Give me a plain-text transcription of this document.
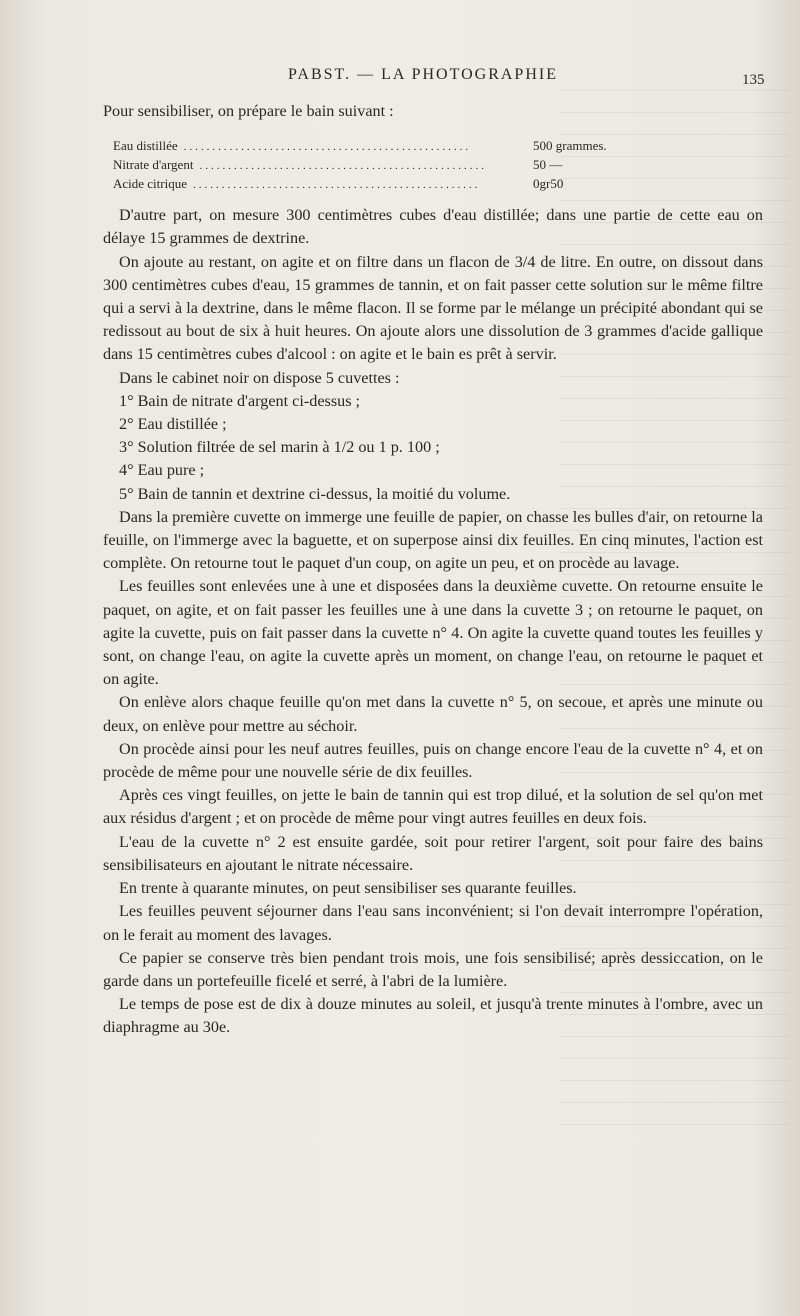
PABST. — LA PHOTOGRAPHIE	135

Pour sensibiliser, on prépare le bain suivant :

Eau distillée ..................................................	500 grammes.
Nitrate d'argent ..................................................	50 —
Acide citrique ..................................................	0gr50

D'autre part, on mesure 300 centimètres cubes d'eau distillée; dans une partie de cette eau on délaye 15 grammes de dextrine.

On ajoute au restant, on agite et on filtre dans un flacon de 3/4 de litre. En outre, on dissout dans 300 centimètres cubes d'eau, 15 grammes de tannin, et on fait passer cette solution sur le même filtre qui a servi à la dextrine, dans le même flacon. Il se forme par le mélange un précipité abondant qui se redissout au bout de six à huit heures. On ajoute alors une dissolution de 3 grammes d'acide gallique dans 15 centimètres cubes d'alcool : on agite et le bain es prêt à servir.

Dans le cabinet noir on dispose 5 cuvettes :

1° Bain de nitrate d'argent ci-dessus ;

2° Eau distillée ;

3° Solution filtrée de sel marin à 1/2 ou 1 p. 100 ;

4° Eau pure ;

5° Bain de tannin et dextrine ci-dessus, la moitié du volume.

Dans la première cuvette on immerge une feuille de papier, on chasse les bulles d'air, on retourne la feuille, on l'immerge avec la baguette, et on superpose ainsi dix feuilles. En cinq minutes, l'action est complète. On retourne tout le paquet d'un coup, on agite un peu, et on procède au lavage.

Les feuilles sont enlevées une à une et disposées dans la deuxième cuvette. On retourne ensuite le paquet, on agite, et on fait passer les feuilles une à une dans la cuvette 3 ; on retourne le paquet, on agite la cuvette, puis on fait passer dans la cuvette n° 4. On agite la cuvette quand toutes les feuilles y sont, on change l'eau, on agite la cuvette après un moment, on change l'eau, on retourne le paquet et on agite.

On enlève alors chaque feuille qu'on met dans la cuvette n° 5, on secoue, et après une minute ou deux, on enlève pour mettre au séchoir.

On procède ainsi pour les neuf autres feuilles, puis on change encore l'eau de la cuvette n° 4, et on procède de même pour une nouvelle série de dix feuilles.

Après ces vingt feuilles, on jette le bain de tannin qui est trop dilué, et la solution de sel qu'on met aux résidus d'argent ; et on procède de même pour vingt autres feuilles en deux fois.

L'eau de la cuvette n° 2 est ensuite gardée, soit pour retirer l'argent, soit pour faire des bains sensibilisateurs en ajoutant le nitrate nécessaire.

En trente à quarante minutes, on peut sensibiliser ses quarante feuilles.

Les feuilles peuvent séjourner dans l'eau sans inconvénient; si l'on devait interrompre l'opération, on le ferait au moment des lavages.

Ce papier se conserve très bien pendant trois mois, une fois sensibilisé; après dessiccation, on le garde dans un portefeuille ficelé et serré, à l'abri de la lumière.

Le temps de pose est de dix à douze minutes au soleil, et jusqu'à trente minutes à l'ombre, avec un diaphragme au 30e.
